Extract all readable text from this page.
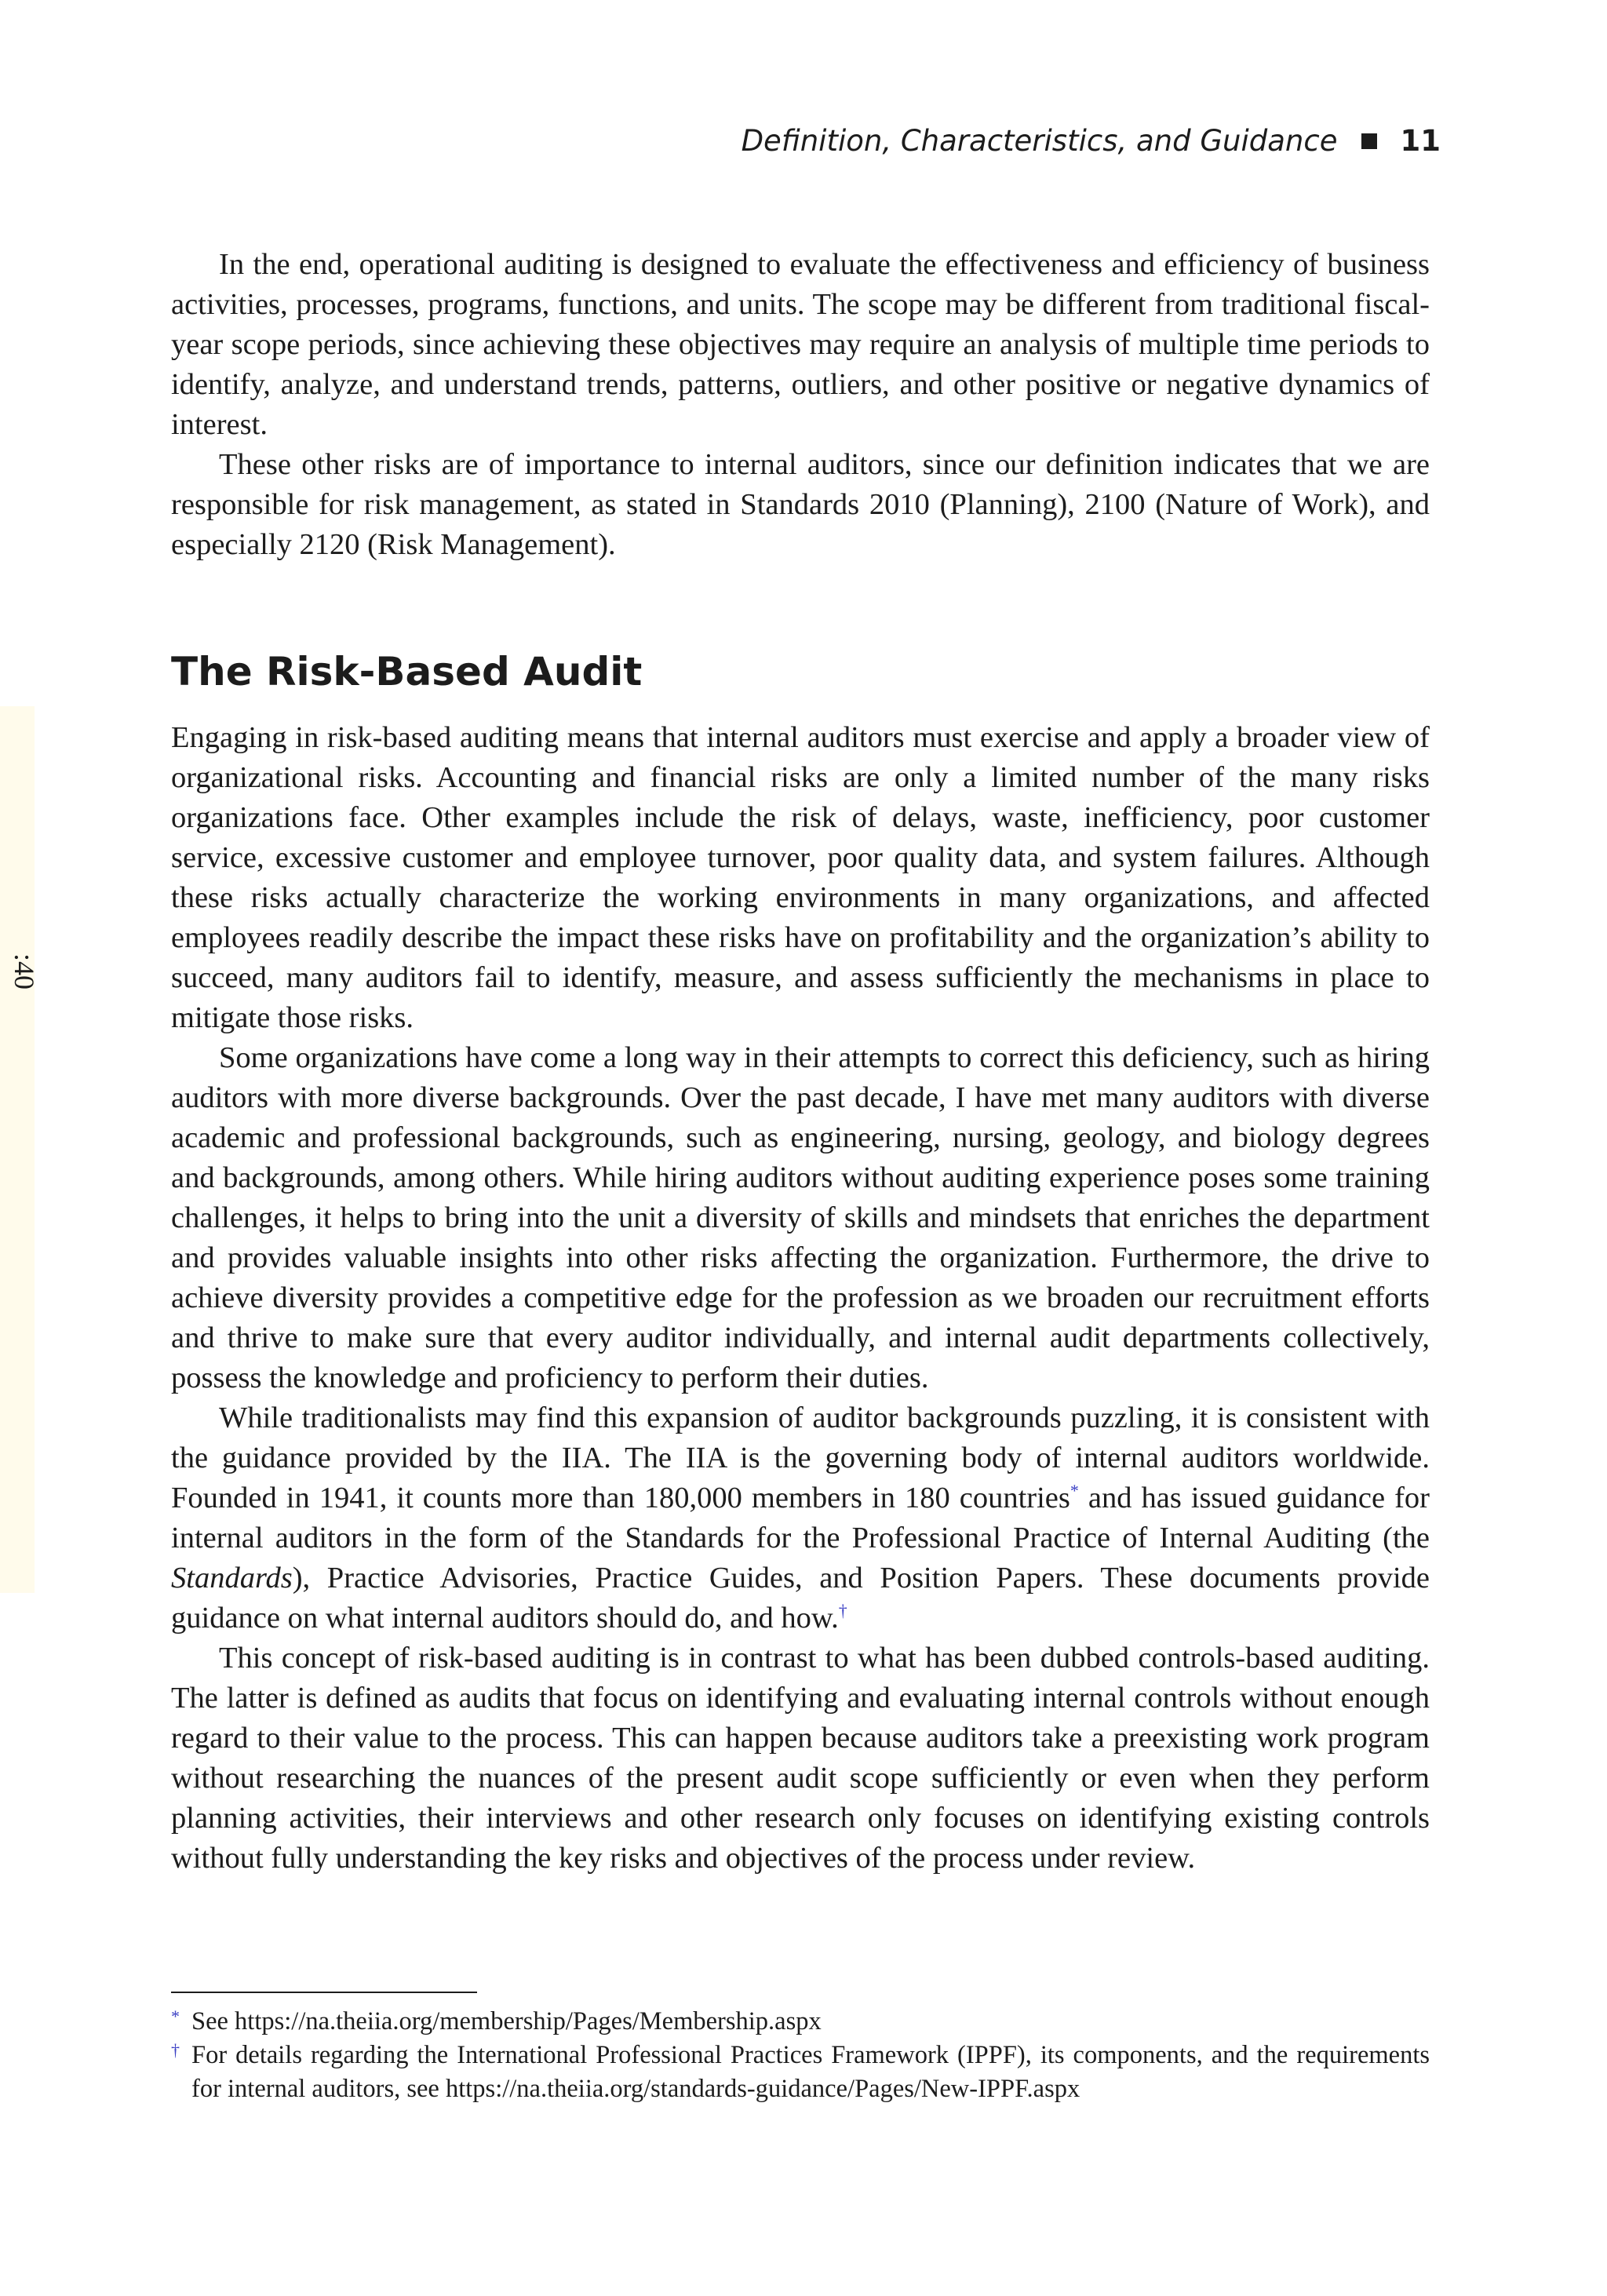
Definition, Characteristics, and Guidance 11
:40

In the end, operational auditing is designed to evaluate the effectiveness and efficiency of business activities, processes, programs, functions, and units. The scope may be different from traditional fiscal-year scope periods, since achieving these objectives may require an analysis of multiple time periods to identify, analyze, and understand trends, patterns, outliers, and other positive or negative dynamics of interest.

These other risks are of importance to internal auditors, since our definition indicates that we are responsible for risk management, as stated in Standards 2010 (Planning), 2100 (Nature of Work), and especially 2120 (Risk Management).

The Risk-Based Audit

Engaging in risk-based auditing means that internal auditors must exercise and apply a broader view of organizational risks. Accounting and financial risks are only a limited number of the many risks organizations face. Other examples include the risk of delays, waste, inefficiency, poor customer service, excessive customer and employee turnover, poor quality data, and system failures. Although these risks actually characterize the working environments in many organizations, and affected employees readily describe the impact these risks have on profitability and the organization’s ability to succeed, many auditors fail to identify, measure, and assess sufficiently the mechanisms in place to mitigate those risks.

Some organizations have come a long way in their attempts to correct this deficiency, such as hiring auditors with more diverse backgrounds. Over the past decade, I have met many auditors with diverse academic and professional backgrounds, such as engineering, nursing, geology, and biology degrees and backgrounds, among others. While hiring auditors without auditing experience poses some training challenges, it helps to bring into the unit a diversity of skills and mindsets that enriches the department and provides valuable insights into other risks affecting the organization. Furthermore, the drive to achieve diversity provides a competitive edge for the profession as we broaden our recruitment efforts and thrive to make sure that every auditor individually, and internal audit departments collectively, possess the knowledge and proficiency to perform their duties.

While traditionalists may find this expansion of auditor backgrounds puzzling, it is consistent with the guidance provided by the IIA. The IIA is the governing body of internal auditors worldwide. Founded in 1941, it counts more than 180,000 members in 180 countries* and has issued guidance for internal auditors in the form of the Standards for the Professional Practice of Internal Auditing (the Standards), Practice Advisories, Practice Guides, and Position Papers. These documents provide guidance on what internal auditors should do, and how.†

This concept of risk-based auditing is in contrast to what has been dubbed controls-based auditing. The latter is defined as audits that focus on identifying and evaluating internal controls without enough regard to their value to the process. This can happen because auditors take a preexisting work program without researching the nuances of the present audit scope sufficiently or even when they perform planning activities, their interviews and other research only focuses on identifying existing controls without fully understanding the key risks and objectives of the process under review.

* See https://na.theiia.org/membership/Pages/Membership.aspx
† For details regarding the International Professional Practices Framework (IPPF), its components, and the requirements for internal auditors, see https://na.theiia.org/standards-guidance/Pages/New-IPPF.aspx
